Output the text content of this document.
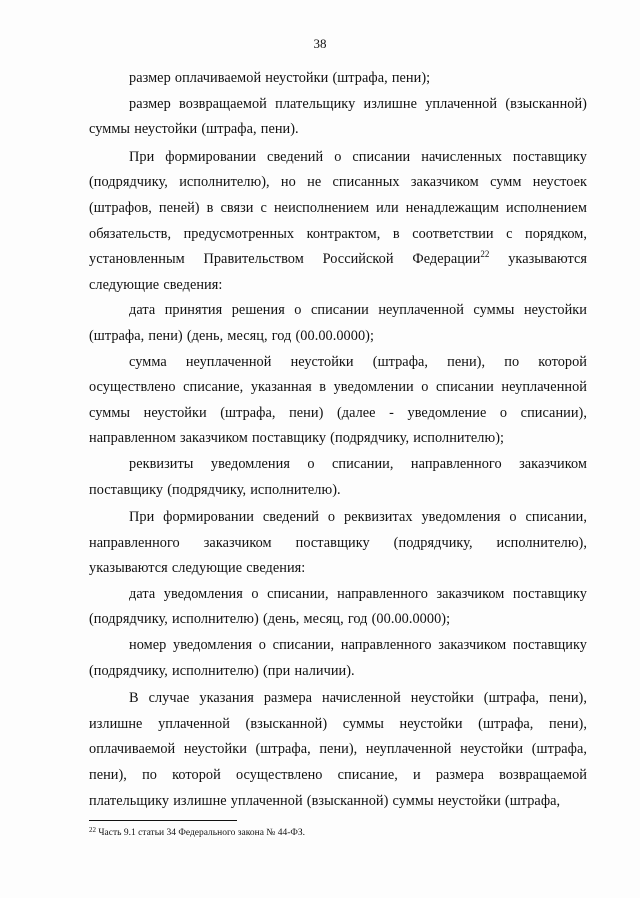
38

размер оплачиваемой неустойки (штрафа, пени);

размер возвращаемой плательщику излишне уплаченной (взысканной) суммы неустойки (штрафа, пени).

При формировании сведений о списании начисленных поставщику (подрядчику, исполнителю), но не списанных заказчиком сумм неустоек (штрафов, пеней) в связи с неисполнением или ненадлежащим исполнением обязательств, предусмотренных контрактом, в соответствии с порядком, установленным Правительством Российской Федерации$^{22}$ указываются следующие сведения:

дата принятия решения о списании неуплаченной суммы неустойки (штрафа, пени) (день, месяц, год (00.00.0000);

сумма неуплаченной неустойки (штрафа, пени), по которой осуществлено списание, указанная в уведомлении о списании неуплаченной суммы неустойки (штрафа, пени) (далее - уведомление о списании), направленном заказчиком поставщику (подрядчику, исполнителю);

реквизиты уведомления о списании, направленного заказчиком поставщику (подрядчику, исполнителю).

При формировании сведений о реквизитах уведомления о списании, направленного заказчиком поставщику (подрядчику, исполнителю), указываются следующие сведения:

дата уведомления о списании, направленного заказчиком поставщику (подрядчику, исполнителю) (день, месяц, год (00.00.0000);

номер уведомления о списании, направленного заказчиком поставщику (подрядчику, исполнителю) (при наличии).

В случае указания размера начисленной неустойки (штрафа, пени), излишне уплаченной (взысканной) суммы неустойки (штрафа, пени), оплачиваемой неустойки (штрафа, пени), неуплаченной неустойки (штрафа, пени), по которой осуществлено списание, и размера возвращаемой плательщику излишне уплаченной (взысканной) суммы неустойки (штрафа,

$^{22}$ Часть 9.1 статьи 34 Федерального закона № 44-ФЗ.
